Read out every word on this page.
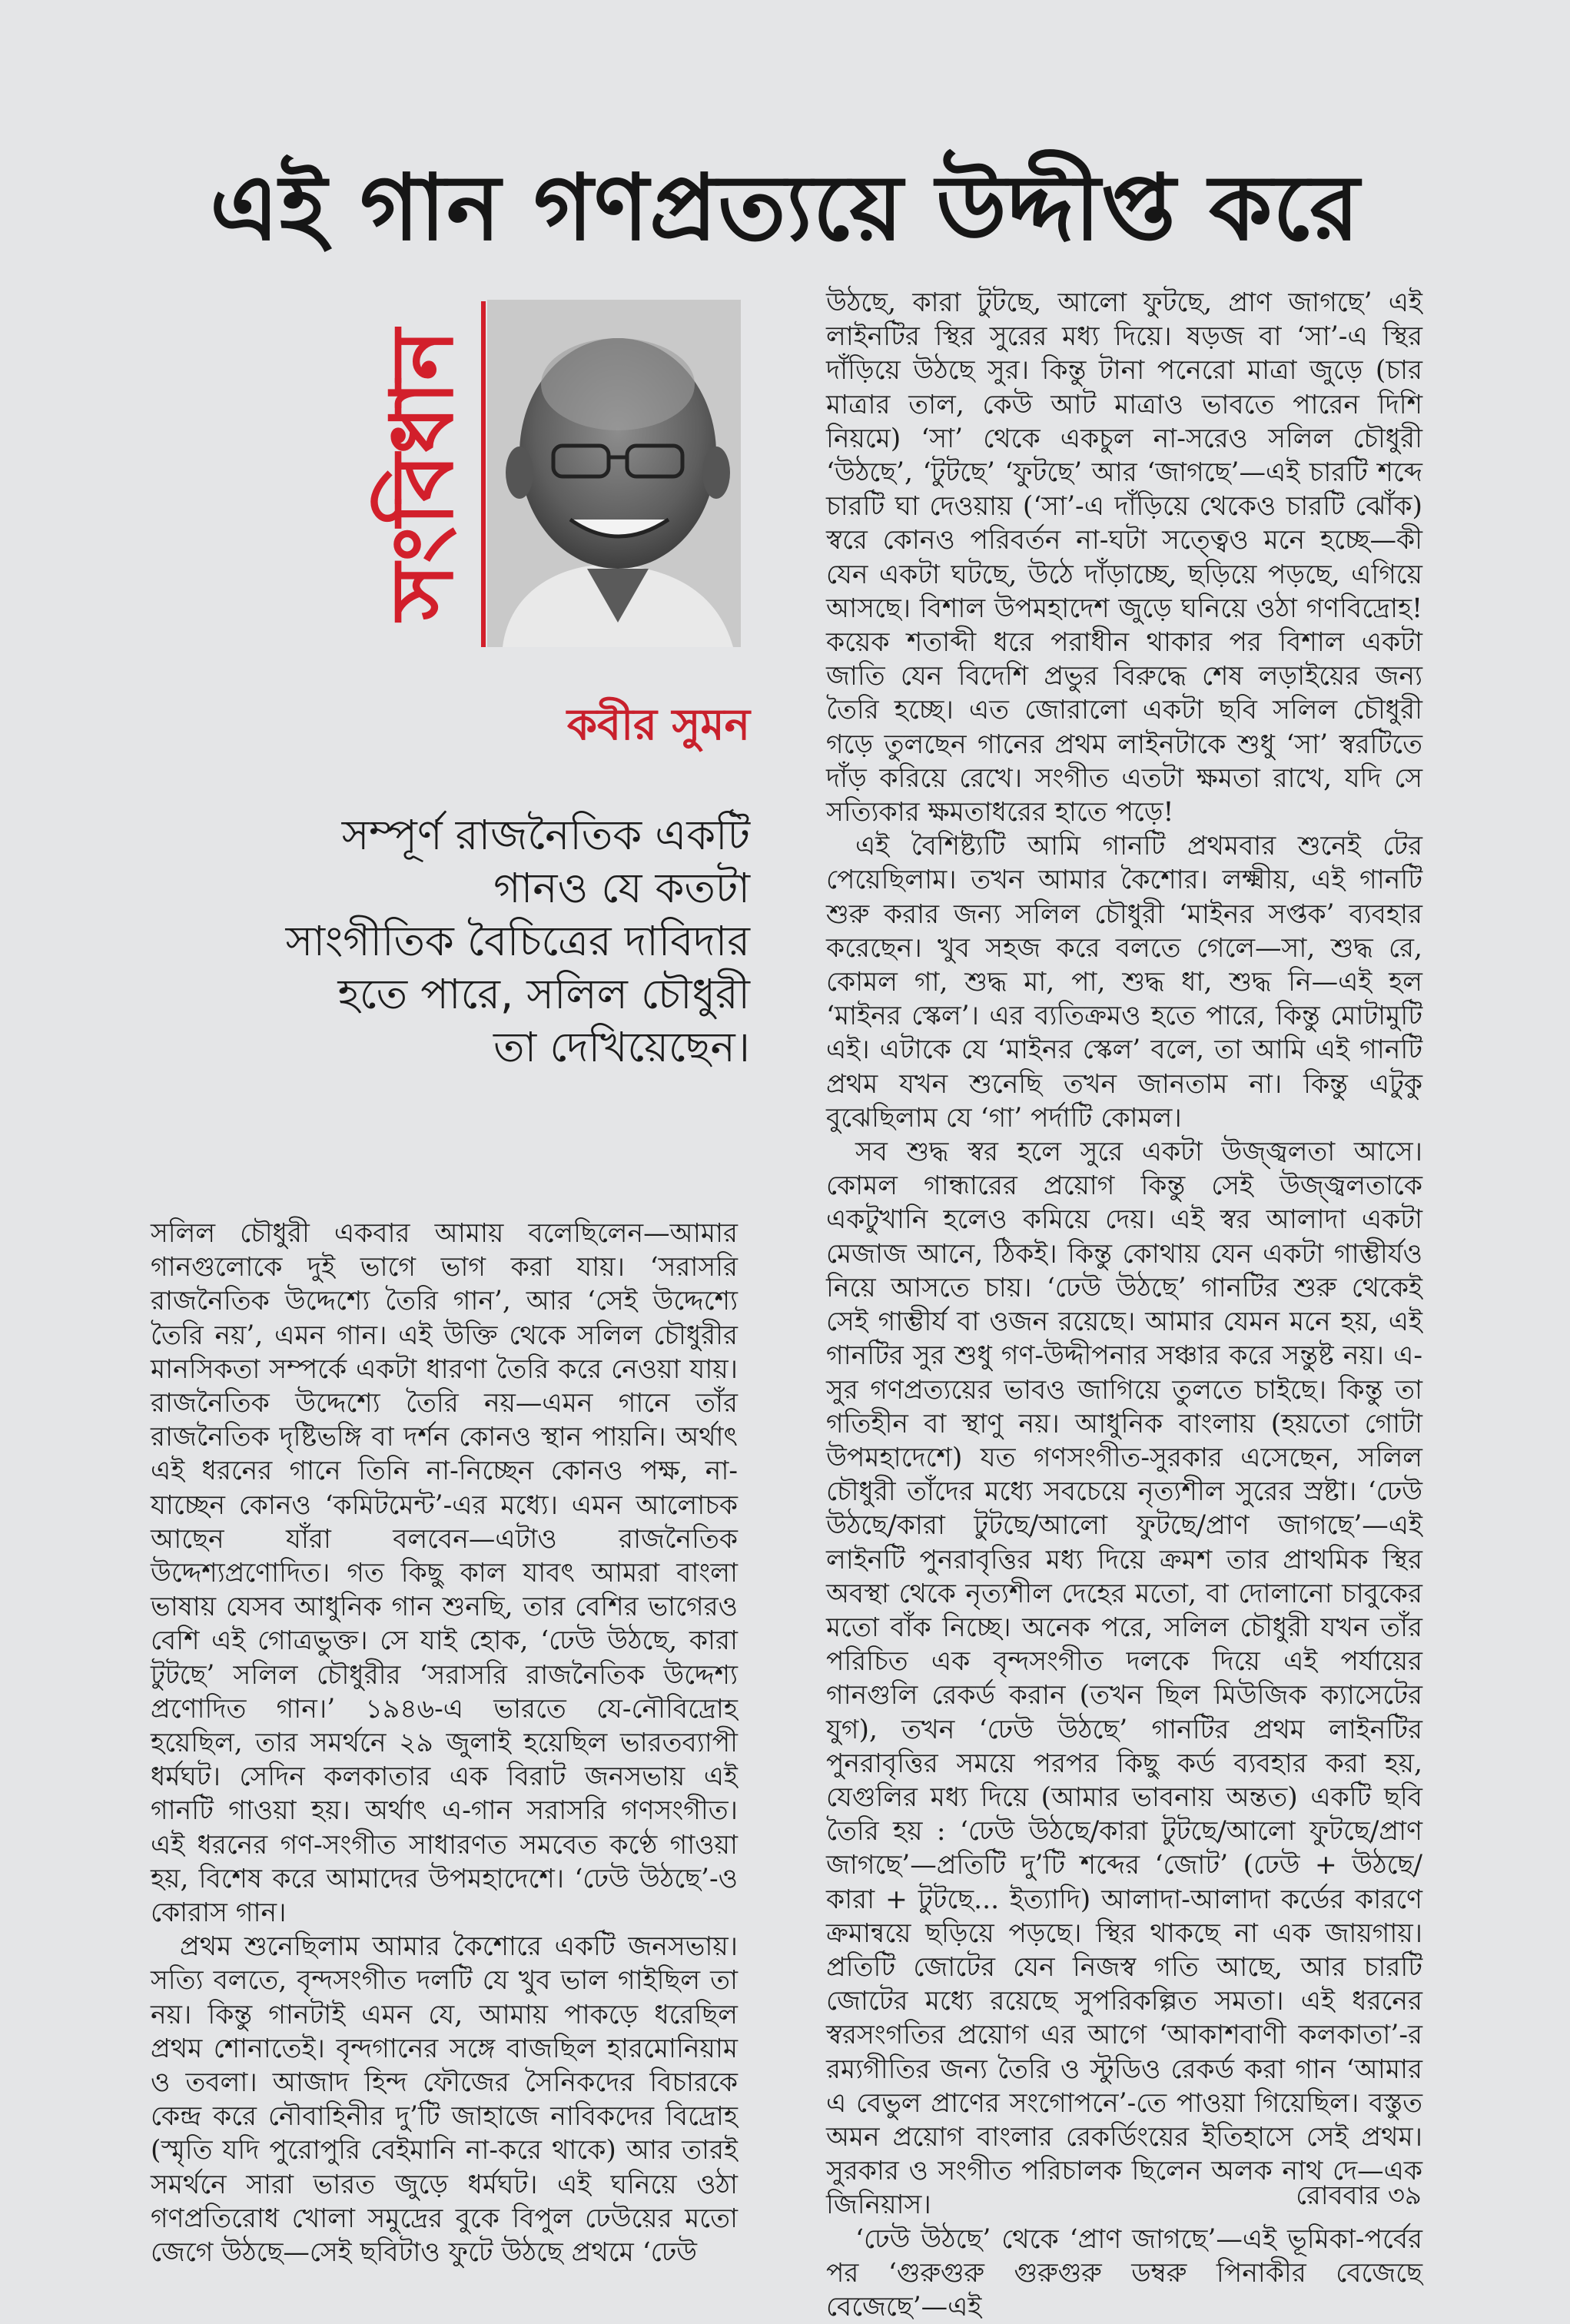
এই গান গণপ্রত্যয়ে উদ্দীপ্ত করে
সংবিধান
কবীর সুমন
সম্পূর্ণ রাজনৈতিক একটি
গানও যে কতটা
সাংগীতিক বৈচিত্রের দাবিদার
হতে পারে, সলিল চৌধুরী
তা দেখিয়েছেন।

সলিল চৌধুরী একবার আমায় বলেছিলেন—আমার গানগুলোকে দুই ভাগে ভাগ করা যায়। ‘সরাসরি রাজনৈতিক উদ্দেশ্যে তৈরি গান’, আর ‘সেই উদ্দেশ্যে তৈরি নয়’, এমন গান। এই উক্তি থেকে সলিল চৌধুরীর মানসিকতা সম্পর্কে একটা ধারণা তৈরি করে নেওয়া যায়। রাজনৈতিক উদ্দেশ্যে তৈরি নয়—এমন গানে তাঁর রাজনৈতিক দৃষ্টিভঙ্গি বা দর্শন কোনও স্থান পায়নি। অর্থাৎ এই ধরনের গানে তিনি না-নিচ্ছেন কোনও পক্ষ, না-যাচ্ছেন কোনও ‘কমিটমেন্ট’-এর মধ্যে। এমন আলোচক আছেন যাঁরা বলবেন—এটাও রাজনৈতিক উদ্দেশ্যপ্রণোদিত। গত কিছু কাল যাবৎ আমরা বাংলা ভাষায় যেসব আধুনিক গান শুনছি, তার বেশির ভাগেরও বেশি এই গোত্রভুক্ত। সে যাই হোক, ‘ঢেউ উঠছে, কারা টুটছে’ সলিল চৌধুরীর ‘সরাসরি রাজনৈতিক উদ্দেশ্য প্রণোদিত গান।’ ১৯৪৬-এ ভারতে যে-নৌবিদ্রোহ হয়েছিল, তার সমর্থনে ২৯ জুলাই হয়েছিল ভারতব্যাপী ধর্মঘট। সেদিন কলকাতার এক বিরাট জনসভায় এই গানটি গাওয়া হয়। অর্থাৎ এ-গান সরাসরি গণসংগীত। এই ধরনের গণ-সংগীত সাধারণত সমবেত কণ্ঠে গাওয়া হয়, বিশেষ করে আমাদের উপমহাদেশে। ‘ঢেউ উঠছে’-ও কোরাস গান।

প্রথম শুনেছিলাম আমার কৈশোরে একটি জনসভায়। সত্যি বলতে, বৃন্দসংগীত দলটি যে খুব ভাল গাইছিল তা নয়। কিন্তু গানটাই এমন যে, আমায় পাকড়ে ধরেছিল প্রথম শোনাতেই। বৃন্দগানের সঙ্গে বাজছিল হারমোনিয়াম ও তবলা। আজাদ হিন্দ ফৌজের সৈনিকদের বিচারকে কেন্দ্র করে নৌবাহিনীর দু’টি জাহাজে নাবিকদের বিদ্রোহ (স্মৃতি যদি পুরোপুরি বেইমানি না-করে থাকে) আর তারই সমর্থনে সারা ভারত জুড়ে ধর্মঘট। এই ঘনিয়ে ওঠা গণপ্রতিরোধ খোলা সমুদ্রের বুকে বিপুল ঢেউয়ের মতো জেগে উঠছে—সেই ছবিটাও ফুটে উঠছে প্রথমে ‘ঢেউ

উঠছে, কারা টুটছে, আলো ফুটছে, প্রাণ জাগছে’ এই লাইনটির স্থির সুরের মধ্য দিয়ে। ষড়জ বা ‘সা’-এ স্থির দাঁড়িয়ে উঠছে সুর। কিন্তু টানা পনেরো মাত্রা জুড়ে (চার মাত্রার তাল, কেউ আট মাত্রাও ভাবতে পারেন দিশি নিয়মে) ‘সা’ থেকে একচুল না-সরেও সলিল চৌধুরী ‘উঠছে’, ‘টুটছে’ ‘ফুটছে’ আর ‘জাগছে’—এই চারটি শব্দে চারটি ঘা দেওয়ায় (‘সা’-এ দাঁড়িয়ে থেকেও চারটি ঝোঁক) স্বরে কোনও পরিবর্তন না-ঘটা সত্ত্বেও মনে হচ্ছে—কী যেন একটা ঘটছে, উঠে দাঁড়াচ্ছে, ছড়িয়ে পড়ছে, এগিয়ে আসছে। বিশাল উপমহাদেশ জুড়ে ঘনিয়ে ওঠা গণবিদ্রোহ! কয়েক শতাব্দী ধরে পরাধীন থাকার পর বিশাল একটা জাতি যেন বিদেশি প্রভুর বিরুদ্ধে শেষ লড়াইয়ের জন্য তৈরি হচ্ছে। এত জোরালো একটা ছবি সলিল চৌধুরী গড়ে তুলছেন গানের প্রথম লাইনটাকে শুধু ‘সা’ স্বরটিতে দাঁড় করিয়ে রেখে। সংগীত এতটা ক্ষমতা রাখে, যদি সে সত্যিকার ক্ষমতাধরের হাতে পড়ে!

এই বৈশিষ্ট্যটি আমি গানটি প্রথমবার শুনেই টের পেয়েছিলাম। তখন আমার কৈশোর। লক্ষ্মীয়, এই গানটি শুরু করার জন্য সলিল চৌধুরী ‘মাইনর সপ্তক’ ব্যবহার করেছেন। খুব সহজ করে বলতে গেলে—সা, শুদ্ধ রে, কোমল গা, শুদ্ধ মা, পা, শুদ্ধ ধা, শুদ্ধ নি—এই হল ‘মাইনর স্কেল’। এর ব্যতিক্রমও হতে পারে, কিন্তু মোটামুটি এই। এটাকে যে ‘মাইনর স্কেল’ বলে, তা আমি এই গানটি প্রথম যখন শুনেছি তখন জানতাম না। কিন্তু এটুকু বুঝেছিলাম যে ‘গা’ পর্দাটি কোমল।

সব শুদ্ধ স্বর হলে সুরে একটা উজ্জ্বলতা আসে। কোমল গান্ধারের প্রয়োগ কিন্তু সেই উজ্জ্বলতাকে একটুখানি হলেও কমিয়ে দেয়। এই স্বর আলাদা একটা মেজাজ আনে, ঠিকই। কিন্তু কোথায় যেন একটা গাম্ভীর্যও নিয়ে আসতে চায়। ‘ঢেউ উঠছে’ গানটির শুরু থেকেই সেই গাম্ভীর্য বা ওজন রয়েছে। আমার যেমন মনে হয়, এই গানটির সুর শুধু গণ-উদ্দীপনার সঞ্চার করে সন্তুষ্ট নয়। এ-সুর গণপ্রত্যয়ের ভাবও জাগিয়ে তুলতে চাইছে। কিন্তু তা গতিহীন বা স্থাণু নয়। আধুনিক বাংলায় (হয়তো গোটা উপমহাদেশে) যত গণসংগীত-সুরকার এসেছেন, সলিল চৌধুরী তাঁদের মধ্যে সবচেয়ে নৃত্যশীল সুরের স্রষ্টা। ‘ঢেউ উঠছে/কারা টুটছে/আলো ফুটছে/প্রাণ জাগছে’—এই লাইনটি পুনরাবৃত্তির মধ্য দিয়ে ক্রমশ তার প্রাথমিক স্থির অবস্থা থেকে নৃত্যশীল দেহের মতো, বা দোলানো চাবুকের মতো বাঁক নিচ্ছে। অনেক পরে, সলিল চৌধুরী যখন তাঁর পরিচিত এক বৃন্দসংগীত দলকে দিয়ে এই পর্যায়ের গানগুলি রেকর্ড করান (তখন ছিল মিউজিক ক্যাসেটের যুগ), তখন ‘ঢেউ উঠছে’ গানটির প্রথম লাইনটির পুনরাবৃত্তির সময়ে পরপর কিছু কর্ড ব্যবহার করা হয়, যেগুলির মধ্য দিয়ে (আমার ভাবনায় অন্তত) একটি ছবি তৈরি হয় : ‘ঢেউ উঠছে/কারা টুটছে/আলো ফুটছে/প্রাণ জাগছে’—প্রতিটি দু’টি শব্দের ‘জোট’ (ঢেউ + উঠছে/ কারা + টুটছে... ইত্যাদি) আলাদা-আলাদা কর্ডের কারণে ক্রমান্বয়ে ছড়িয়ে পড়ছে। স্থির থাকছে না এক জায়গায়। প্রতিটি জোটের যেন নিজস্ব গতি আছে, আর চারটি জোটের মধ্যে রয়েছে সুপরিকল্পিত সমতা। এই ধরনের স্বরসংগতির প্রয়োগ এর আগে ‘আকাশবাণী কলকাতা’-র রম্যগীতির জন্য তৈরি ও স্টুডিও রেকর্ড করা গান ‘আমার এ বেভুল প্রাণের সংগোপনে’-তে পাওয়া গিয়েছিল। বস্তুত অমন প্রয়োগ বাংলার রেকর্ডিংয়ের ইতিহাসে সেই প্রথম। সুরকার ও সংগীত পরিচালক ছিলেন অলক নাথ দে—এক জিনিয়াস।

‘ঢেউ উঠছে’ থেকে ‘প্রাণ জাগছে’—এই ভূমিকা-পর্বের পর ‘গুরুগুরু গুরুগুরু ডম্বরু পিনাকীর বেজেছে বেজেছে’—এই

রোববার ৩৯
